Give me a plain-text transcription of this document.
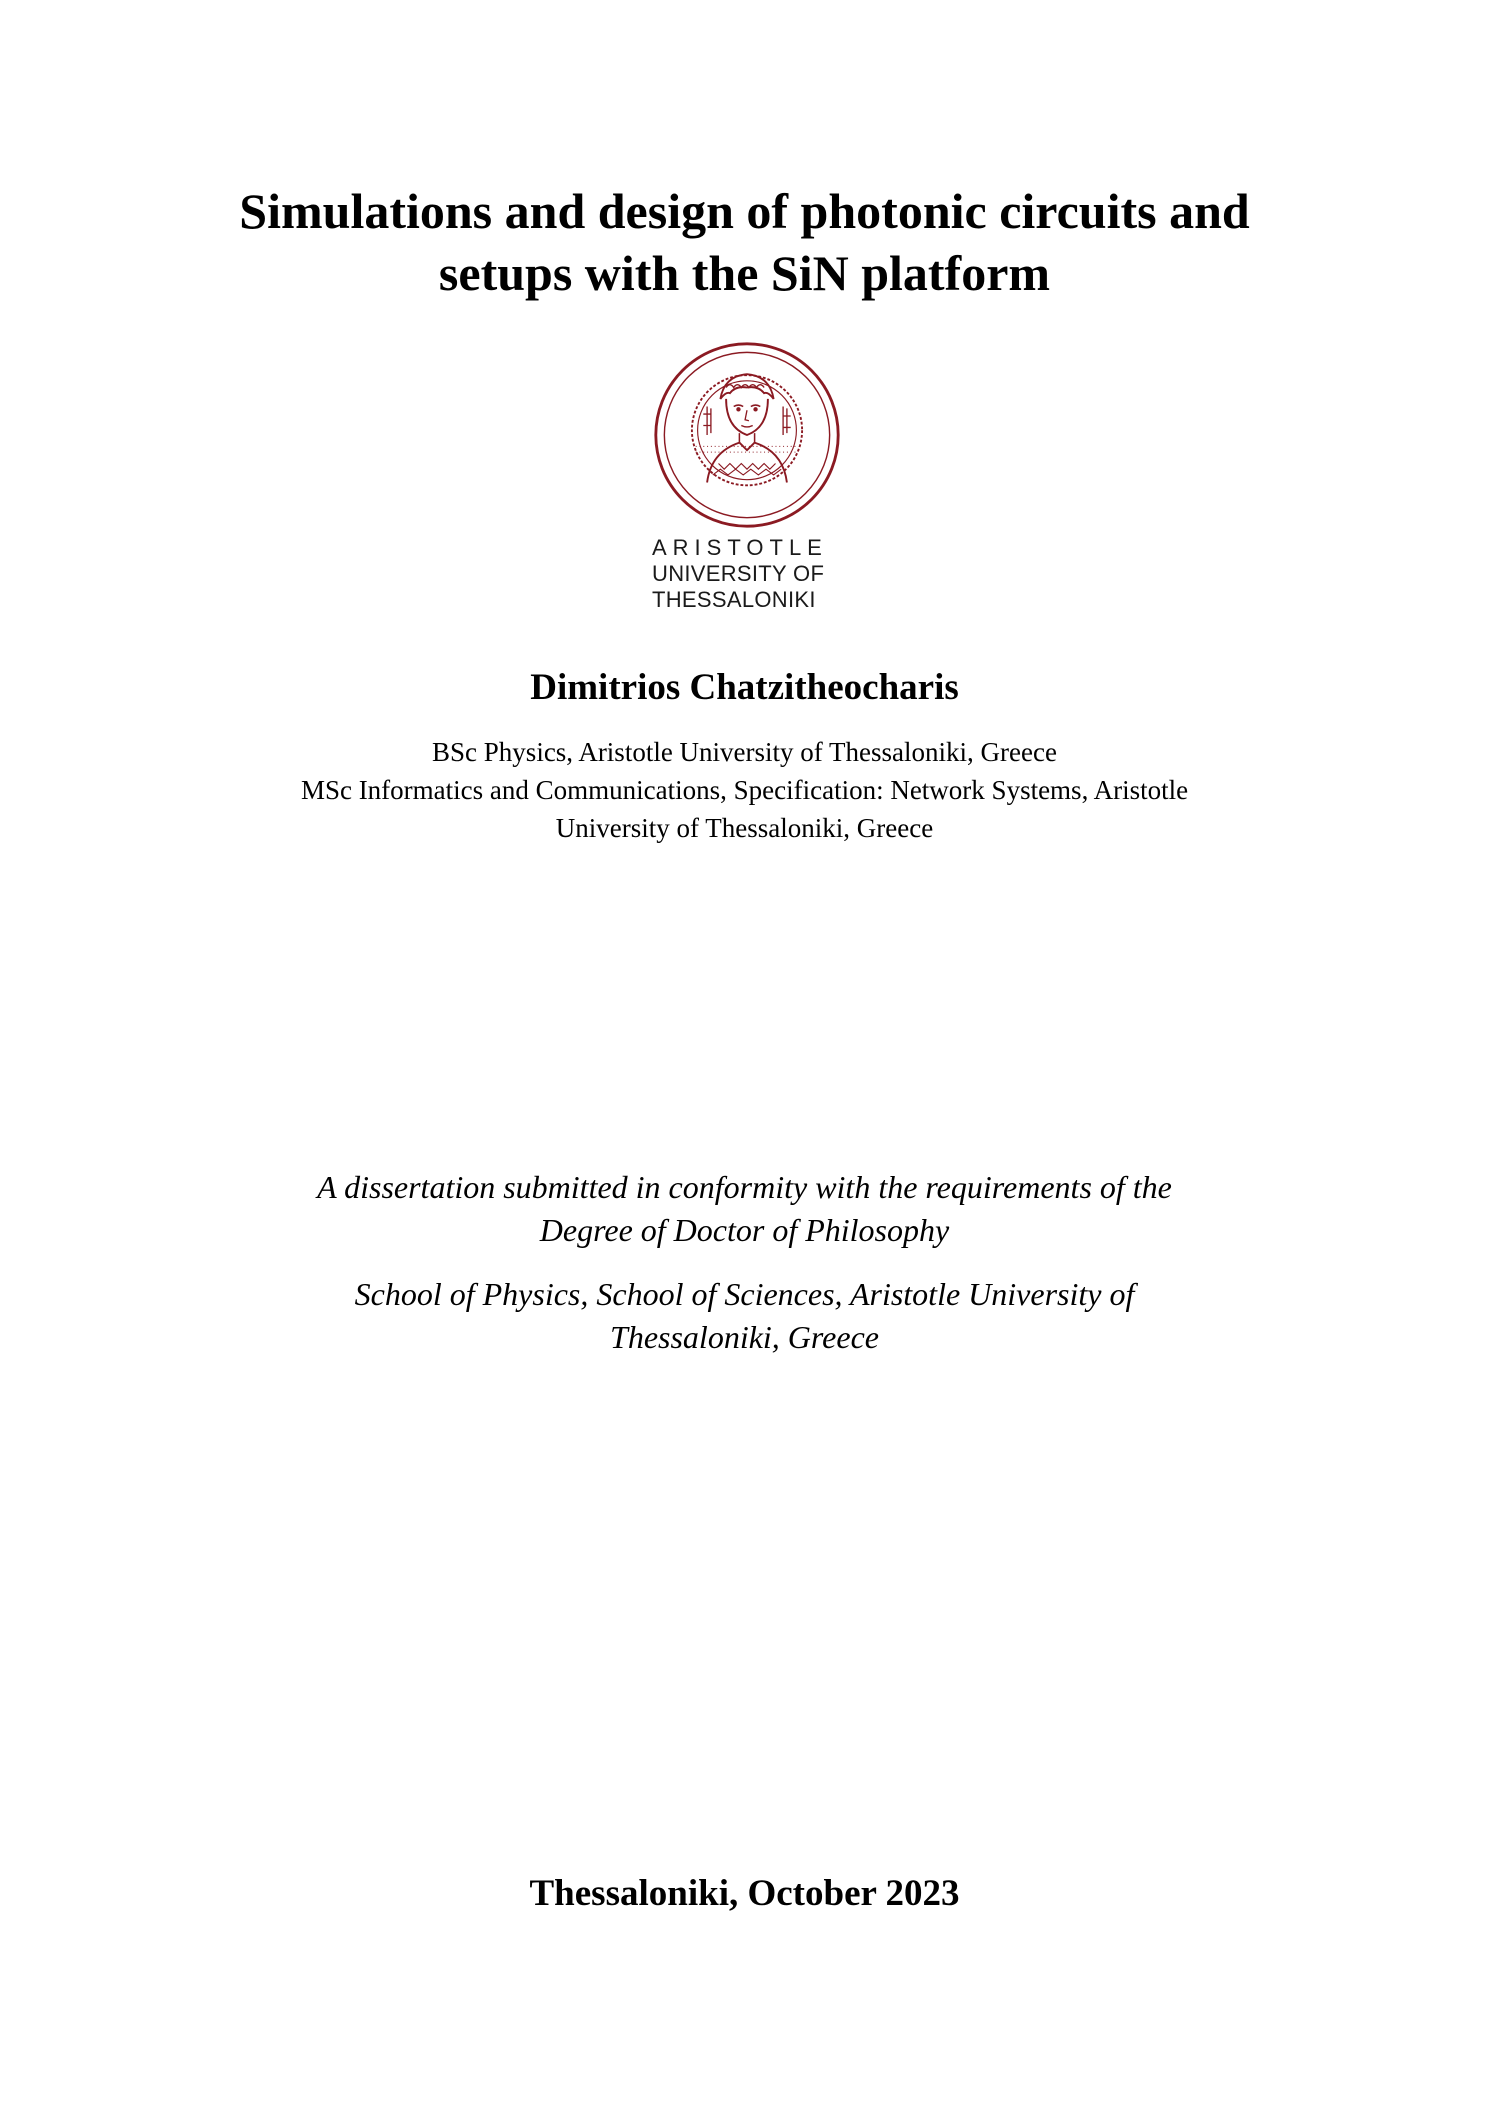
Simulations and design of photonic circuits and
setups with the SiN platform
ARISTOTLE
UNIVERSITY OF
THESSALONIKI
Dimitrios Chatzitheocharis
BSc Physics, Aristotle University of Thessaloniki, Greece
MSc Informatics and Communications, Specification: Network Systems, Aristotle
University of Thessaloniki, Greece
A dissertation submitted in conformity with the requirements of the
Degree of Doctor of Philosophy
School of Physics, School of Sciences, Aristotle University of
Thessaloniki, Greece
Thessaloniki, October 2023
